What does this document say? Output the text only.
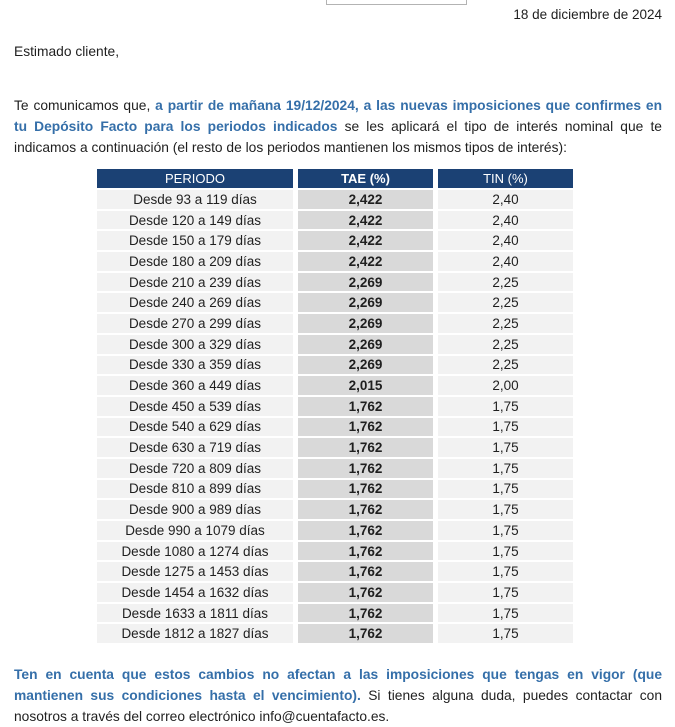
18 de diciembre de 2024
Estimado cliente,

Te comunicamos que, a partir de mañana 19/12/2024, a las nuevas imposiciones que confirmes en tu Depósito Facto para los periodos indicados se les aplicará el tipo de interés nominal que te indicamos a continuación (el resto de los periodos mantienen los mismos tipos de interés):

PERIODO	TAE (%)	TIN (%)
Desde 93 a 119 días	2,422	2,40
Desde 120 a 149 días	2,422	2,40
Desde 150 a 179 días	2,422	2,40
Desde 180 a 209 días	2,422	2,40
Desde 210 a 239 días	2,269	2,25
Desde 240 a 269 días	2,269	2,25
Desde 270 a 299 días	2,269	2,25
Desde 300 a 329 días	2,269	2,25
Desde 330 a 359 días	2,269	2,25
Desde 360 a 449 días	2,015	2,00
Desde 450 a 539 días	1,762	1,75
Desde 540 a 629 días	1,762	1,75
Desde 630 a 719 días	1,762	1,75
Desde 720 a 809 días	1,762	1,75
Desde 810 a 899 días	1,762	1,75
Desde 900 a 989 días	1,762	1,75
Desde 990 a 1079 días	1,762	1,75
Desde 1080 a 1274 días	1,762	1,75
Desde 1275 a 1453 días	1,762	1,75
Desde 1454 a 1632 días	1,762	1,75
Desde 1633 a 1811 días	1,762	1,75
Desde 1812 a 1827 días	1,762	1,75

Ten en cuenta que estos cambios no afectan a las imposiciones que tengas en vigor (que mantienen sus condiciones hasta el vencimiento). Si tienes alguna duda, puedes contactar con nosotros a través del correo electrónico info@cuentafacto.es.
